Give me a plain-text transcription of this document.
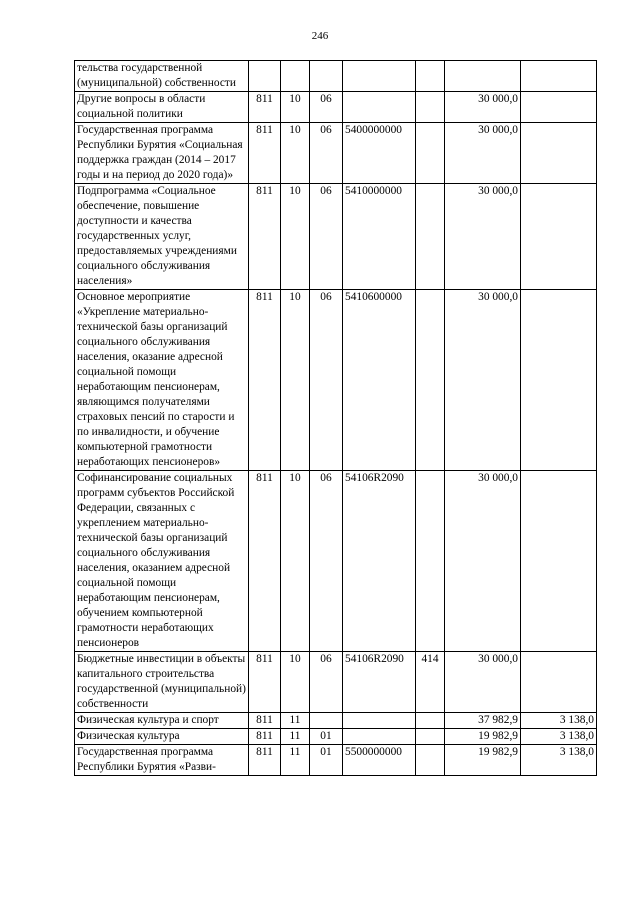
246
тельства государственной (муниципальной) собственности							
Другие вопросы в области социальной политики	811	10	06			30 000,0	
Государственная программа Республики Бурятия «Социальная поддержка граждан (2014 – 2017 годы и на период до 2020 года)»	811	10	06	5400000000		30 000,0	
Подпрограмма «Социальное обеспечение, повышение доступности и качества государственных услуг, предоставляемых учреждениями социального обслуживания населения»	811	10	06	5410000000		30 000,0	
Основное мероприятие «Укрепление материально-технической базы организаций социального обслуживания населения, оказание адресной социальной помощи неработающим пенсионерам, являющимся получателями страховых пенсий по старости и по инвалидности, и обучение компьютерной грамотности неработающих пенсионеров»	811	10	06	5410600000		30 000,0	
Софинансирование социальных программ субъектов Российской Федерации, связанных с укреплением материально-технической базы организаций социального обслуживания населения, оказанием адресной социальной помощи неработающим пенсионерам, обучением компьютерной грамотности неработающих пенсионеров	811	10	06	54106R2090		30 000,0	
Бюджетные инвестиции в объекты капитального строительства государственной (муниципальной) собственности	811	10	06	54106R2090	414	30 000,0	
Физическая культура и спорт	811	11				37 982,9	3 138,0
Физическая культура	811	11	01			19 982,9	3 138,0
Государственная программа Республики Бурятия «Разви-	811	11	01	5500000000		19 982,9	3 138,0
